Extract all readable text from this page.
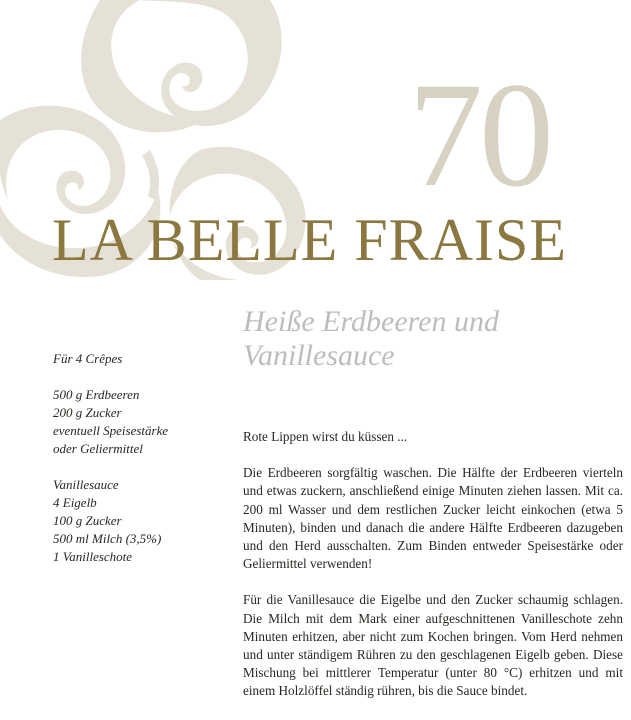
70
LA BELLE FRAISE
Heiße Erdbeeren und
Vanillesauce
Für 4 Crêpes
500 g Erdbeeren
200 g Zucker
eventuell Speisestärke
oder Geliermittel
Vanillesauce
4 Eigelb
100 g Zucker
500 ml Milch (3,5%)
1 Vanilleschote

Rote Lippen wirst du küssen ...

Die Erdbeeren sorgfältig waschen. Die Hälfte der Erdbeeren vierteln und etwas zuckern, anschließend einige Minuten ziehen lassen. Mit ca. 200 ml Wasser und dem restlichen Zucker leicht einkochen (etwa 5 Minuten), binden und danach die andere Hälfte Erdbeeren dazugeben und den Herd ausschalten. Zum Binden entweder Speisestärke oder Geliermittel verwenden!

Für die Vanillesauce die Eigelbe und den Zucker schaumig schlagen. Die Milch mit dem Mark einer aufgeschnittenen Vanilleschote zehn Minuten erhitzen, aber nicht zum Kochen bringen. Vom Herd nehmen und unter ständigem Rühren zu den geschlagenen Eigelb geben. Diese Mischung bei mittlerer Temperatur (unter 80 °C) erhitzen und mit einem Holzlöffel ständig rühren, bis die Sauce bindet.
